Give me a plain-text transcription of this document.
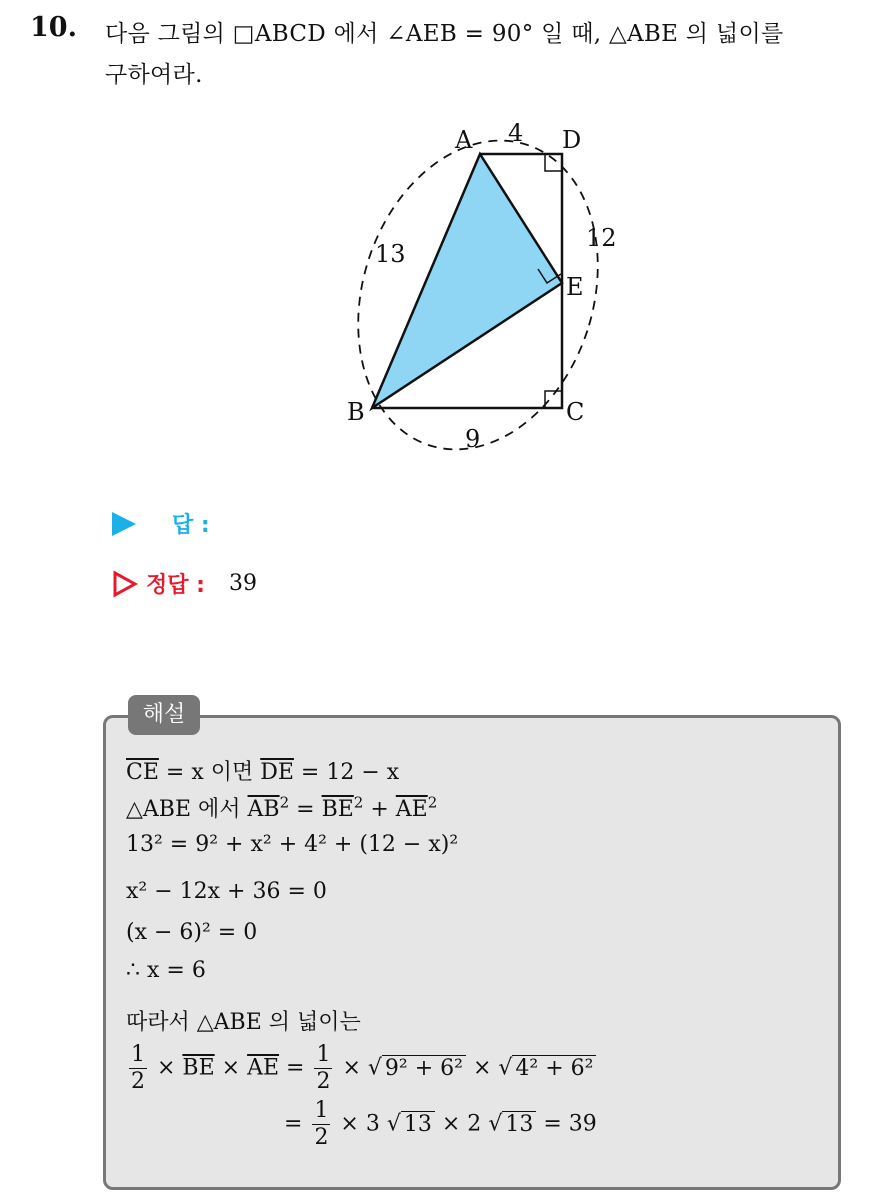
10. 다음 그림의 □ABCD 에서 ∠AEB = 90° 일 때, △ABE 의 넓이를
구하여라.
A	D
E
B	C
4
12
13
9
답 :
정답 : 39
해설
$\overline{CE} = x$ 이면 $\overline{DE} = 12 - x$
△ABE 에서 $\overline{AB}^2 = \overline{BE}^2 + \overline{AE}^2$
13² = 9² + x² + 4² + (12 − x)²
x² − 12x + 36 = 0
(x − 6)² = 0
∴ x = 6
따라서 △ABE 의 넓이는
$\frac{1}{2} \times \overline{BE} \times \overline{AE} = \frac{1}{2}$ × √ 9² + 6² × √ 4² + 6²
= $\frac{1}{2} \times 3$ √ 13 × 2 √ 13 = 39
